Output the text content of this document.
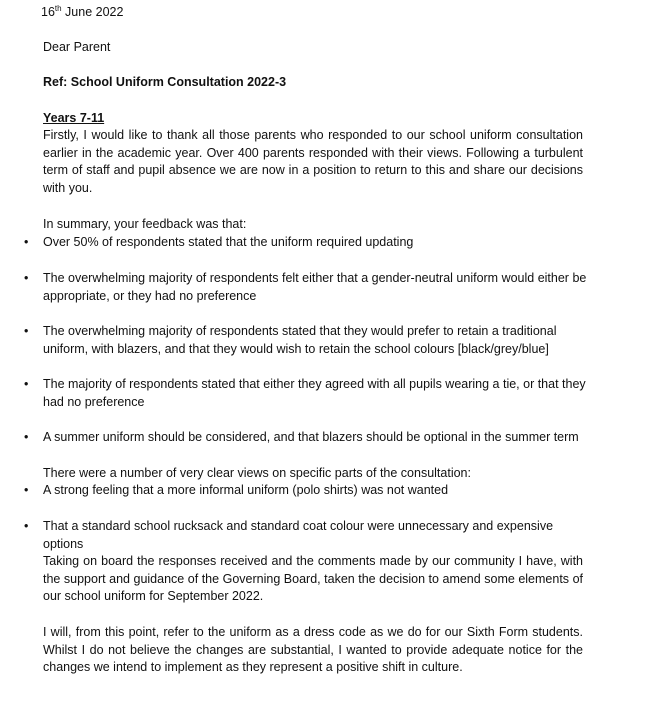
16th June 2022

Dear Parent

Ref: School Uniform Consultation 2022-3

Years 7-11

Firstly, I would like to thank all those parents who responded to our school uniform consultation earlier in the academic year. Over 400 parents responded with their views. Following a turbulent term of staff and pupil absence we are now in a position to return to this and share our decisions with you.

In summary, your feedback was that:

•	Over 50% of respondents stated that the uniform required updating

•	The overwhelming majority of respondents felt either that a gender-neutral uniform would either be appropriate, or they had no preference

•	The overwhelming majority of respondents stated that they would prefer to retain a traditional uniform, with blazers, and that they would wish to retain the school colours [black/grey/blue]

•	The majority of respondents stated that either they agreed with all pupils wearing a tie, or that they had no preference

•	A summer uniform should be considered, and that blazers should be optional in the summer term

There were a number of very clear views on specific parts of the consultation:

•	A strong feeling that a more informal uniform (polo shirts) was not wanted

•	That a standard school rucksack and standard coat colour were unnecessary and expensive options

Taking on board the responses received and the comments made by our community I have, with the support and guidance of the Governing Board, taken the decision to amend some elements of our school uniform for September 2022.

I will, from this point, refer to the uniform as a dress code as we do for our Sixth Form students. Whilst I do not believe the changes are substantial, I wanted to provide adequate notice for the changes we intend to implement as they represent a positive shift in culture.
